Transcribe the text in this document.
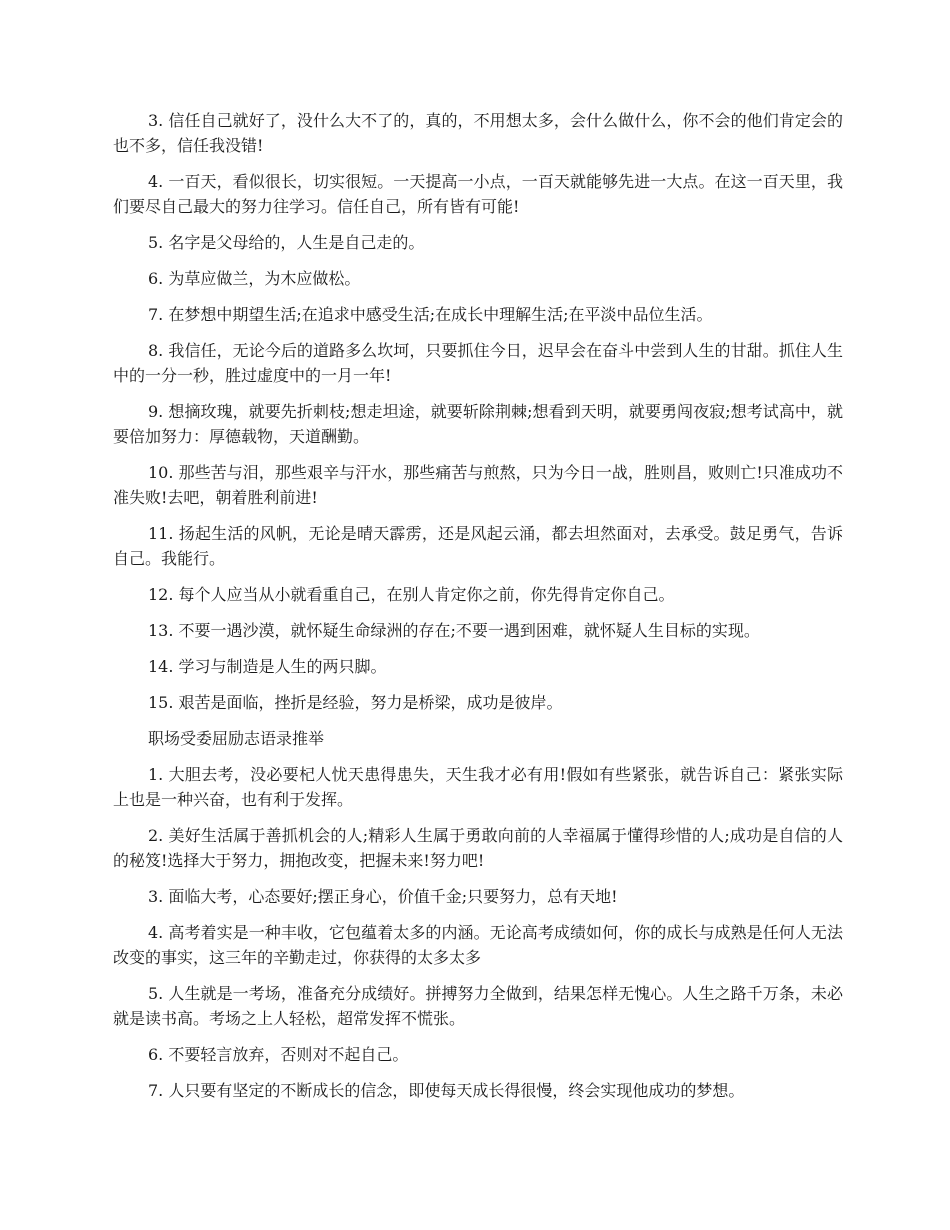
3. 信任自己就好了，没什么大不了的，真的，不用想太多，会什么做什么，你不会的他们肯定会的也不多，信任我没错!

4. 一百天，看似很长，切实很短。一天提高一小点，一百天就能够先进一大点。在这一百天里，我们要尽自己最大的努力往学习。信任自己，所有皆有可能!

5. 名字是父母给的，人生是自己走的。

6. 为草应做兰，为木应做松。

7. 在梦想中期望生活;在追求中感受生活;在成长中理解生活;在平淡中品位生活。

8. 我信任，无论今后的道路多么坎坷，只要抓住今日，迟早会在奋斗中尝到人生的甘甜。抓住人生中的一分一秒，胜过虚度中的一月一年!

9. 想摘玫瑰，就要先折刺枝;想走坦途，就要斩除荆棘;想看到天明，就要勇闯夜寂;想考试高中，就要倍加努力：厚德载物，天道酬勤。

10. 那些苦与泪，那些艰辛与汗水，那些痛苦与煎熬，只为今日一战，胜则昌，败则亡!只准成功不准失败!去吧，朝着胜利前进!

11. 扬起生活的风帆，无论是晴天霹雳，还是风起云涌，都去坦然面对，去承受。鼓足勇气，告诉自己。我能行。

12. 每个人应当从小就看重自己，在别人肯定你之前，你先得肯定你自己。

13. 不要一遇沙漠，就怀疑生命绿洲的存在;不要一遇到困难，就怀疑人生目标的实现。

14. 学习与制造是人生的两只脚。

15. 艰苦是面临，挫折是经验，努力是桥梁，成功是彼岸。

职场受委屈励志语录推举

1. 大胆去考，没必要杞人忧天患得患失，天生我才必有用!假如有些紧张，就告诉自己：紧张实际上也是一种兴奋，也有利于发挥。

2. 美好生活属于善抓机会的人;精彩人生属于勇敢向前的人幸福属于懂得珍惜的人;成功是自信的人的秘笈!选择大于努力，拥抱改变，把握未来!努力吧!

3. 面临大考，心态要好;摆正身心，价值千金;只要努力，总有天地!

4. 高考着实是一种丰收，它包蕴着太多的内涵。无论高考成绩如何，你的成长与成熟是任何人无法改变的事实，这三年的辛勤走过，你获得的太多太多

5. 人生就是一考场，准备充分成绩好。拼搏努力全做到，结果怎样无愧心。人生之路千万条，未必就是读书高。考场之上人轻松，超常发挥不慌张。

6. 不要轻言放弃，否则对不起自己。

7. 人只要有坚定的不断成长的信念，即使每天成长得很慢，终会实现他成功的梦想。
